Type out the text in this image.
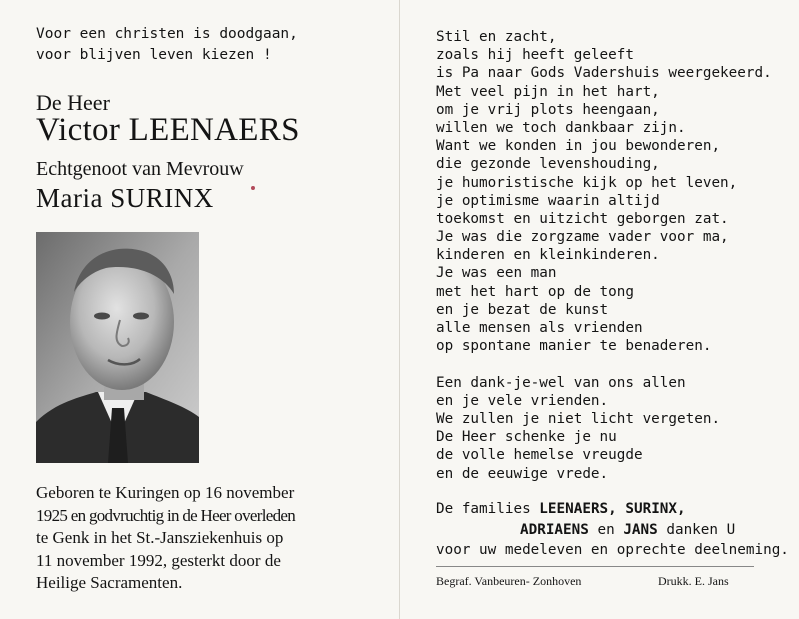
Voor een christen is doodgaan,
voor blijven leven kiezen !
De Heer
Victor LEENAERS
Echtgenoot van Mevrouw
Maria SURINX
Geboren te Kuringen op 16 november
1925 en godvruchtig in de Heer overleden
te Genk in het St.-Jansziekenhuis op
11 november 1992, gesterkt door de
Heilige Sacramenten.
Stil en zacht,
zoals hij heeft geleeft
is Pa naar Gods Vadershuis weergekeerd.
Met veel pijn in het hart,
om je vrij plots heengaan,
willen we toch dankbaar zijn.
Want we konden in jou bewonderen,
die gezonde levenshouding,
je humoristische kijk op het leven,
je optimisme waarin altijd
toekomst en uitzicht geborgen zat.
Je was die zorgzame vader voor ma,
kinderen en kleinkinderen.
Je was een man
met het hart op de tong
en je bezat de kunst
alle mensen als vrienden
op spontane manier te benaderen.
Een dank-je-wel van ons allen
en je vele vrienden.
We zullen je niet licht vergeten.
De Heer schenke je nu
de volle hemelse vreugde
en de eeuwige vrede.
De families LEENAERS, SURINX,
ADRIAENS en JANS danken U
voor uw medeleven en oprechte deelneming.
Begraf. Vanbeuren- Zonhoven	Drukk. E. Jans
